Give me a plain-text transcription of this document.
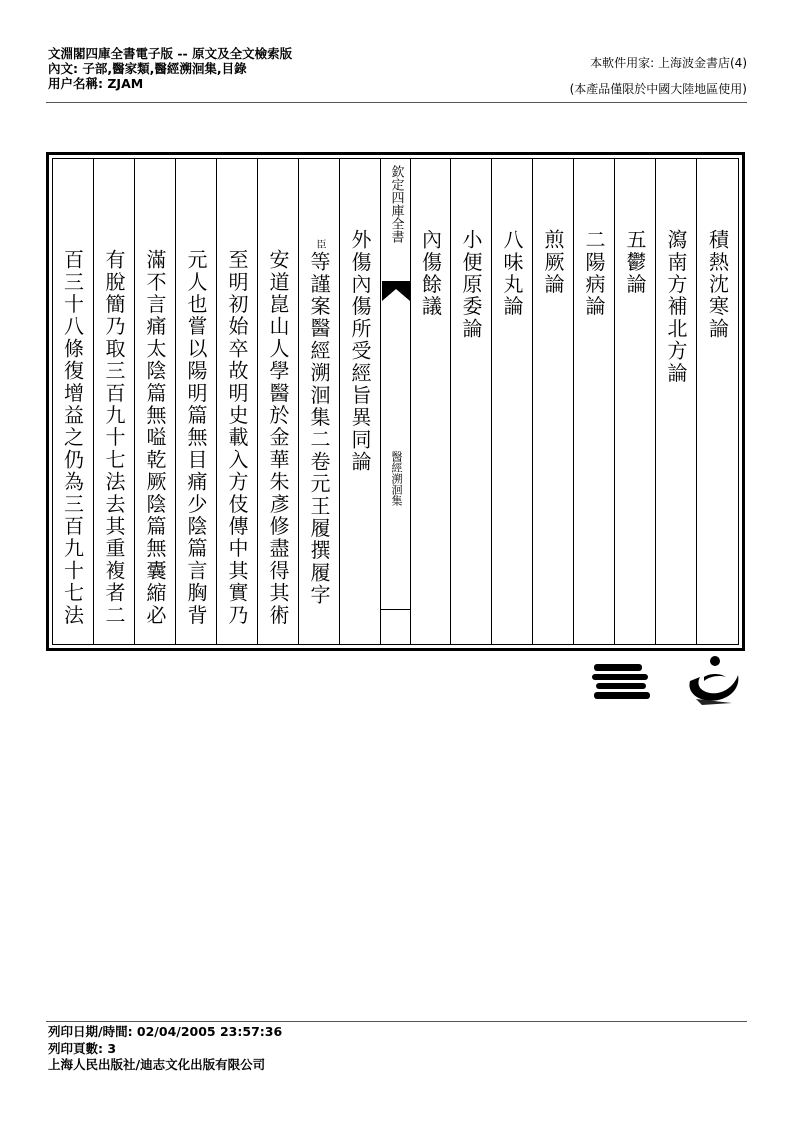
文淵閣四庫全書電子版 -- 原文及全文檢索版
內文: 子部,醫家類,醫經溯洄集,目錄
用户名稱: ZJAM
本軟件用家: 上海波金書店(4)
(本產品僅限於中國大陸地區使用)
百三十八條復增益之仍為三百九十七法 有脫簡乃取三百九十七法去其重複者二 滿不言痛太陰篇無嗌乾厥陰篇無囊縮必 元人也嘗以陽明篇無目痛少陰篇言胸背 至明初始卒故明史載入方伎傳中其實乃 安道崑山人學醫於金華朱彥修盡得其術
臣
等謹案醫經溯洄集二卷元王履撰履字 外傷內傷所受經旨異同論
欽定四庫全書
醫經溯洄集
內傷餘議 小便原委論 八味丸論 煎厥論 二陽病論 五鬱論 瀉南方補北方論 積熱沈寒論
列印日期/時間: 02/04/2005 23:57:36
列印頁數: 3
上海人民出版社/迪志文化出版有限公司
